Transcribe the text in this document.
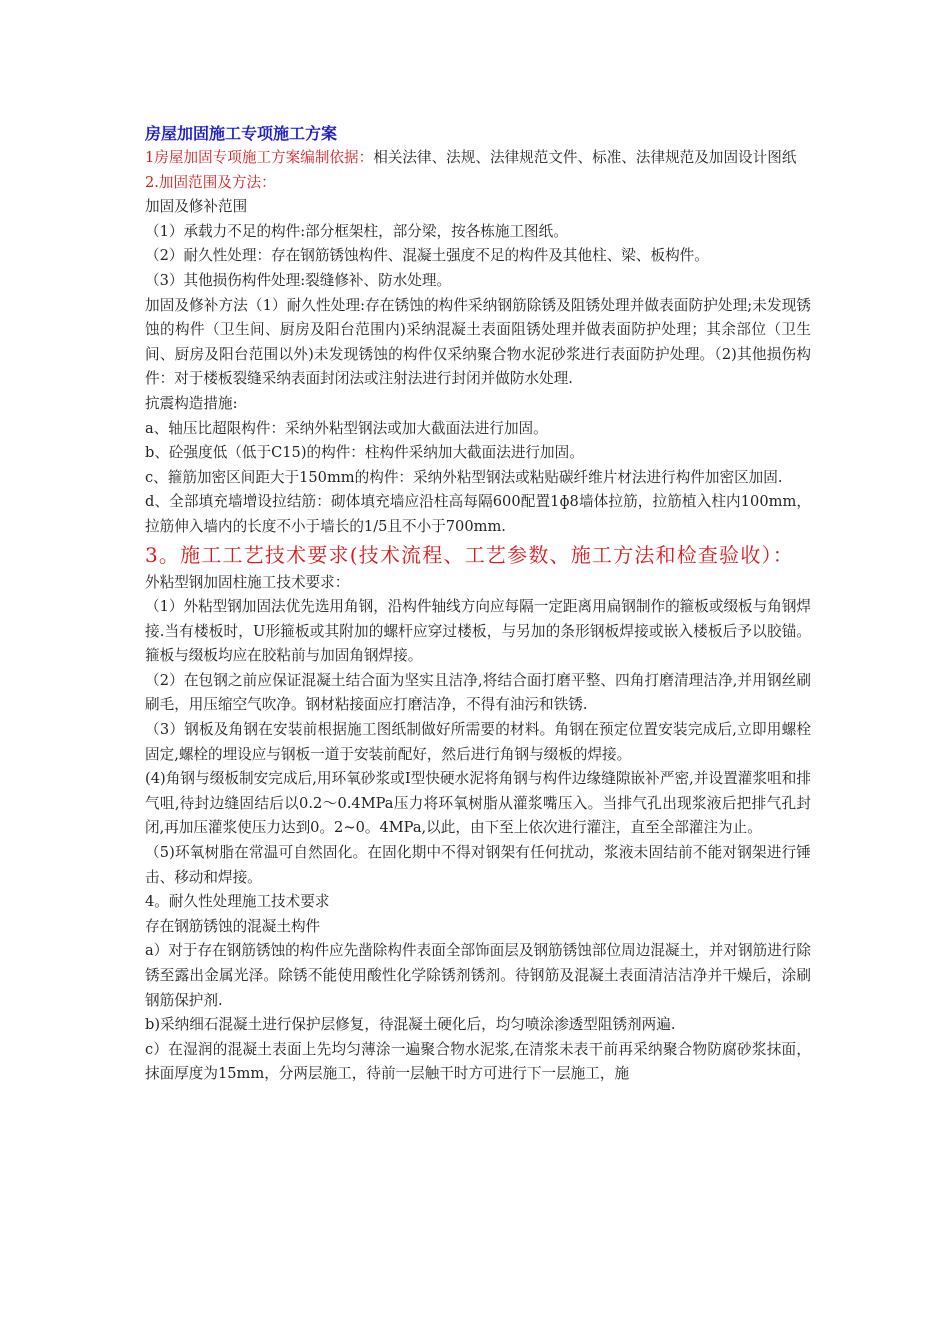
房屋加固施工专项施工方案

1房屋加固专项施工方案编制依据：相关法律、法规、法律规范文件、标准、法律规范及加固设计图纸

2.加固范围及方法：

加固及修补范围

（1）承载力不足的构件:部分框架柱，部分梁，按各栋施工图纸。

（2）耐久性处理：存在钢筋锈蚀构件、混凝土强度不足的构件及其他柱、梁、板构件。

（3）其他损伤构件处理:裂缝修补、防水处理。

加固及修补方法（1）耐久性处理:存在锈蚀的构件采纳钢筋除锈及阻锈处理并做表面防护处理;未发现锈蚀的构件（卫生间、厨房及阳台范围内)采纳混凝土表面阻锈处理并做表面防护处理；其余部位（卫生间、厨房及阳台范围以外)未发现锈蚀的构件仅采纳聚合物水泥砂浆进行表面防护处理。（2)其他损伤构件：对于楼板裂缝采纳表面封闭法或注射法进行封闭并做防水处理.

抗震构造措施:

a、轴压比超限构件：采纳外粘型钢法或加大截面法进行加固。

b、砼强度低（低于C15)的构件：柱构件采纳加大截面法进行加固。

c、箍筋加密区间距大于150mm的构件：采纳外粘型钢法或粘贴碳纤维片材法进行构件加密区加固.

d、全部填充墙增设拉结筋：砌体填充墙应沿柱高每隔600配置1ɸ8墙体拉筋，拉筋植入柱内100mm，拉筋伸入墙内的长度不小于墙长的1/5且不小于700mm.

3。施工工艺技术要求(技术流程、工艺参数、施工方法和检查验收）：

外粘型钢加固柱施工技术要求：

（1）外粘型钢加固法优先选用角钢，沿构件轴线方向应每隔一定距离用扁钢制作的箍板或缀板与角钢焊接.当有楼板时，U形箍板或其附加的螺杆应穿过楼板，与另加的条形钢板焊接或嵌入楼板后予以胶锚。箍板与缀板均应在胶粘前与加固角钢焊接。

（2）在包钢之前应保证混凝土结合面为坚实且洁净,将结合面打磨平整、四角打磨清理洁净,并用钢丝刷刷毛，用压缩空气吹净。钢材粘接面应打磨洁净，不得有油污和铁锈.

（3）钢板及角钢在安装前根据施工图纸制做好所需要的材料。角钢在预定位置安装完成后,立即用螺栓固定,螺栓的埋设应与钢板一道于安装前配好，然后进行角钢与缀板的焊接。

(4)角钢与缀板制安完成后,用环氧砂浆或I型快硬水泥将角钢与构件边缘缝隙嵌补严密,并设置灌浆咀和排气咀,待封边缝固结后以0.2～0.4MPa压力将环氧树脂从灌浆嘴压入。当排气孔出现浆液后把排气孔封闭,再加压灌浆使压力达到0。2~0。4MPa,以此，由下至上依次进行灌注，直至全部灌注为止。

（5)环氧树脂在常温可自然固化。在固化期中不得对钢架有任何扰动，浆液未固结前不能对钢架进行锤击、移动和焊接。

4。耐久性处理施工技术要求

存在钢筋锈蚀的混凝土构件

a）对于存在钢筋锈蚀的构件应先凿除构件表面全部饰面层及钢筋锈蚀部位周边混凝土，并对钢筋进行除锈至露出金属光泽。除锈不能使用酸性化学除锈剂锈剂。待钢筋及混凝土表面清洁洁净并干燥后，涂刷钢筋保护剂.

b)采纳细石混凝土进行保护层修复，待混凝土硬化后，均匀喷涂渗透型阻锈剂两遍.

c）在湿润的混凝土表面上先均匀薄涂一遍聚合物水泥浆,在清浆未表干前再采纳聚合物防腐砂浆抹面，抹面厚度为15mm，分两层施工，待前一层触干时方可进行下一层施工，施
